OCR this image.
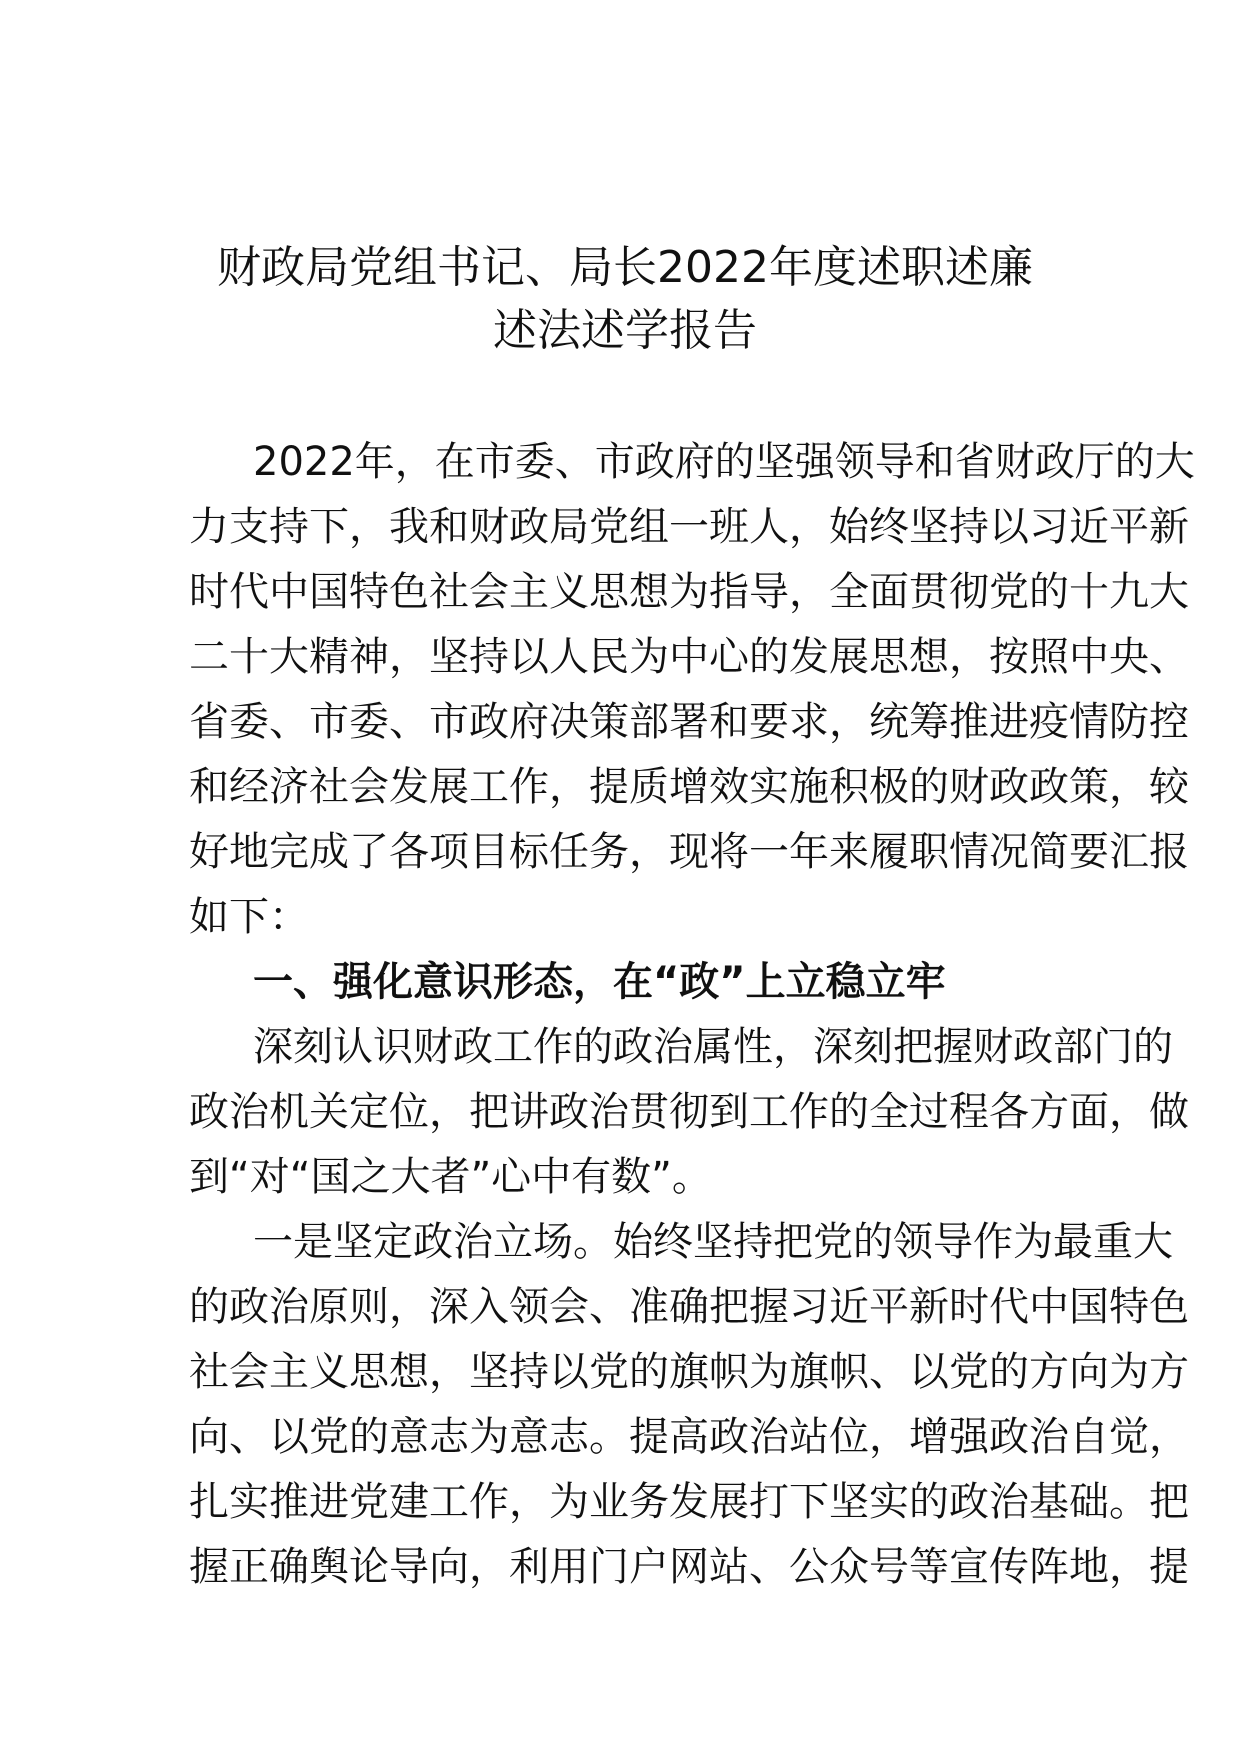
财政局党组书记、局长2022年度述职述廉
述法述学报告
2022年，在市委、市政府的坚强领导和省财政厅的大
力支持下，我和财政局党组一班人，始终坚持以习近平新
时代中国特色社会主义思想为指导，全面贯彻党的十九大
二十大精神，坚持以人民为中心的发展思想，按照中央、
省委、市委、市政府决策部署和要求，统筹推进疫情防控
和经济社会发展工作，提质增效实施积极的财政政策，较
好地完成了各项目标任务，现将一年来履职情况简要汇报
如下：
一、强化意识形态，在“政”上立稳立牢
深刻认识财政工作的政治属性，深刻把握财政部门的
政治机关定位，把讲政治贯彻到工作的全过程各方面，做
到“对“国之大者”心中有数”。
一是坚定政治立场。始终坚持把党的领导作为最重大
的政治原则，深入领会、准确把握习近平新时代中国特色
社会主义思想，坚持以党的旗帜为旗帜、以党的方向为方
向、以党的意志为意志。提高政治站位，增强政治自觉，
扎实推进党建工作，为业务发展打下坚实的政治基础。把
握正确舆论导向，利用门户网站、公众号等宣传阵地，提
